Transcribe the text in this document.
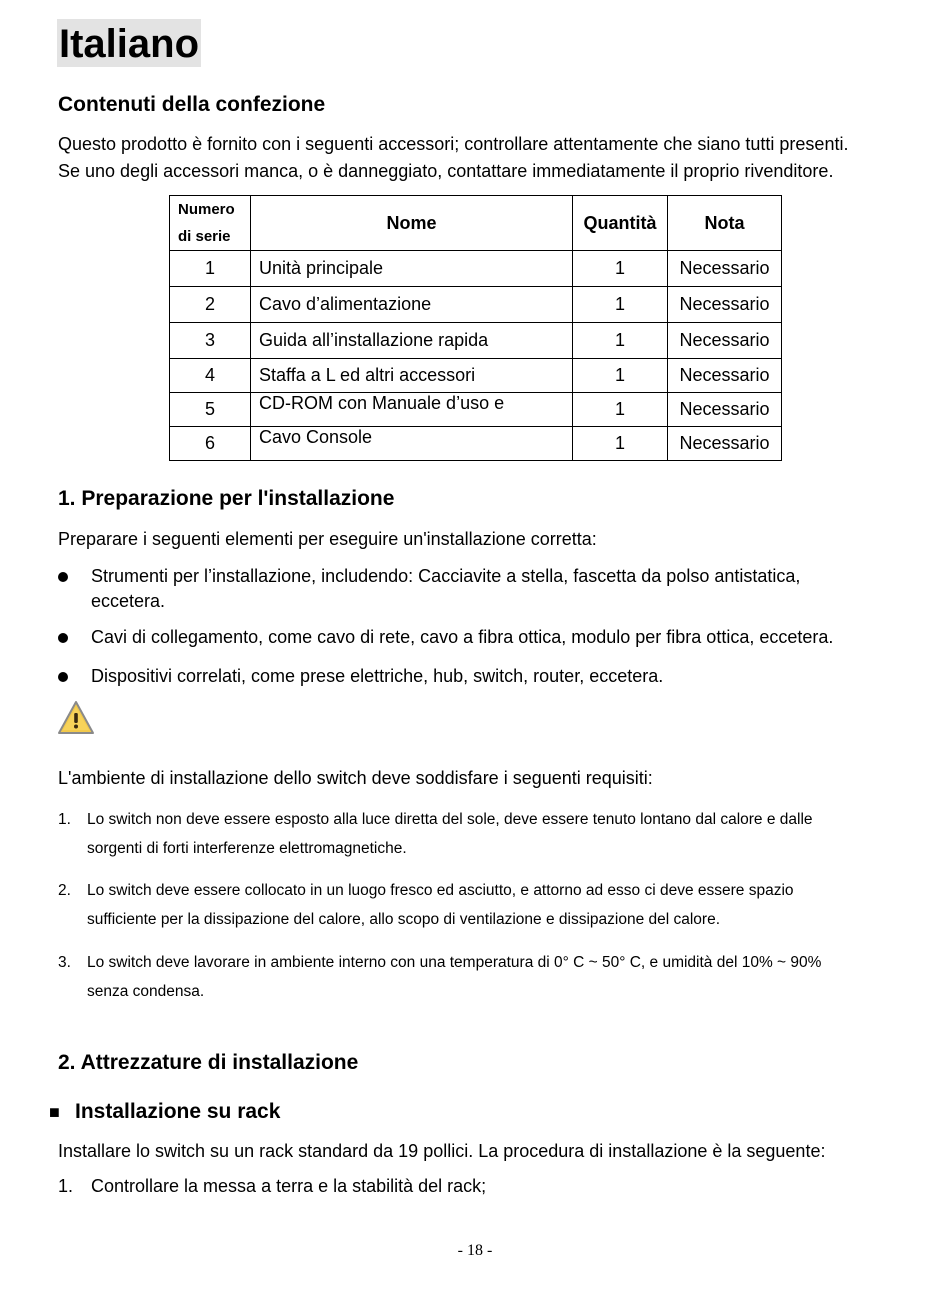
Italiano
Contenuti della confezione
Questo prodotto è fornito con i seguenti accessori; controllare attentamente che siano tutti presenti.
Se uno degli accessori manca, o è danneggiato, contattare immediatamente il proprio rivenditore.
Numero
di serie	Nome	Quantità	Nota
1	Unità principale	1	Necessario
2	Cavo d’alimentazione	1	Necessario
3	Guida all’installazione rapida	1	Necessario
4	Staffa a L ed altri accessori	1	Necessario
5	CD-ROM con Manuale d’uso e	1	Necessario
6	Cavo Console	1	Necessario
1. Preparazione per l'installazione
Preparare i seguenti elementi per eseguire un'installazione corretta:
Strumenti per l’installazione, includendo: Cacciavite a stella, fascetta da polso antistatica,
eccetera.
Cavi di collegamento, come cavo di rete, cavo a fibra ottica, modulo per fibra ottica, eccetera.
Dispositivi correlati, come prese elettriche, hub, switch, router, eccetera.
L'ambiente di installazione dello switch deve soddisfare i seguenti requisiti:
1. Lo switch non deve essere esposto alla luce diretta del sole, deve essere tenuto lontano dal calore e dalle
sorgenti di forti interferenze elettromagnetiche.
2. Lo switch deve essere collocato in un luogo fresco ed asciutto, e attorno ad esso ci deve essere spazio
sufficiente per la dissipazione del calore, allo scopo di ventilazione e dissipazione del calore.
3. Lo switch deve lavorare in ambiente interno con una temperatura di 0° C ~ 50° C, e umidità del 10% ~ 90%
senza condensa.
2. Attrezzature di installazione
■ Installazione su rack
Installare lo switch su un rack standard da 19 pollici. La procedura di installazione è la seguente:
1. Controllare la messa a terra e la stabilità del rack;
- 18 -
